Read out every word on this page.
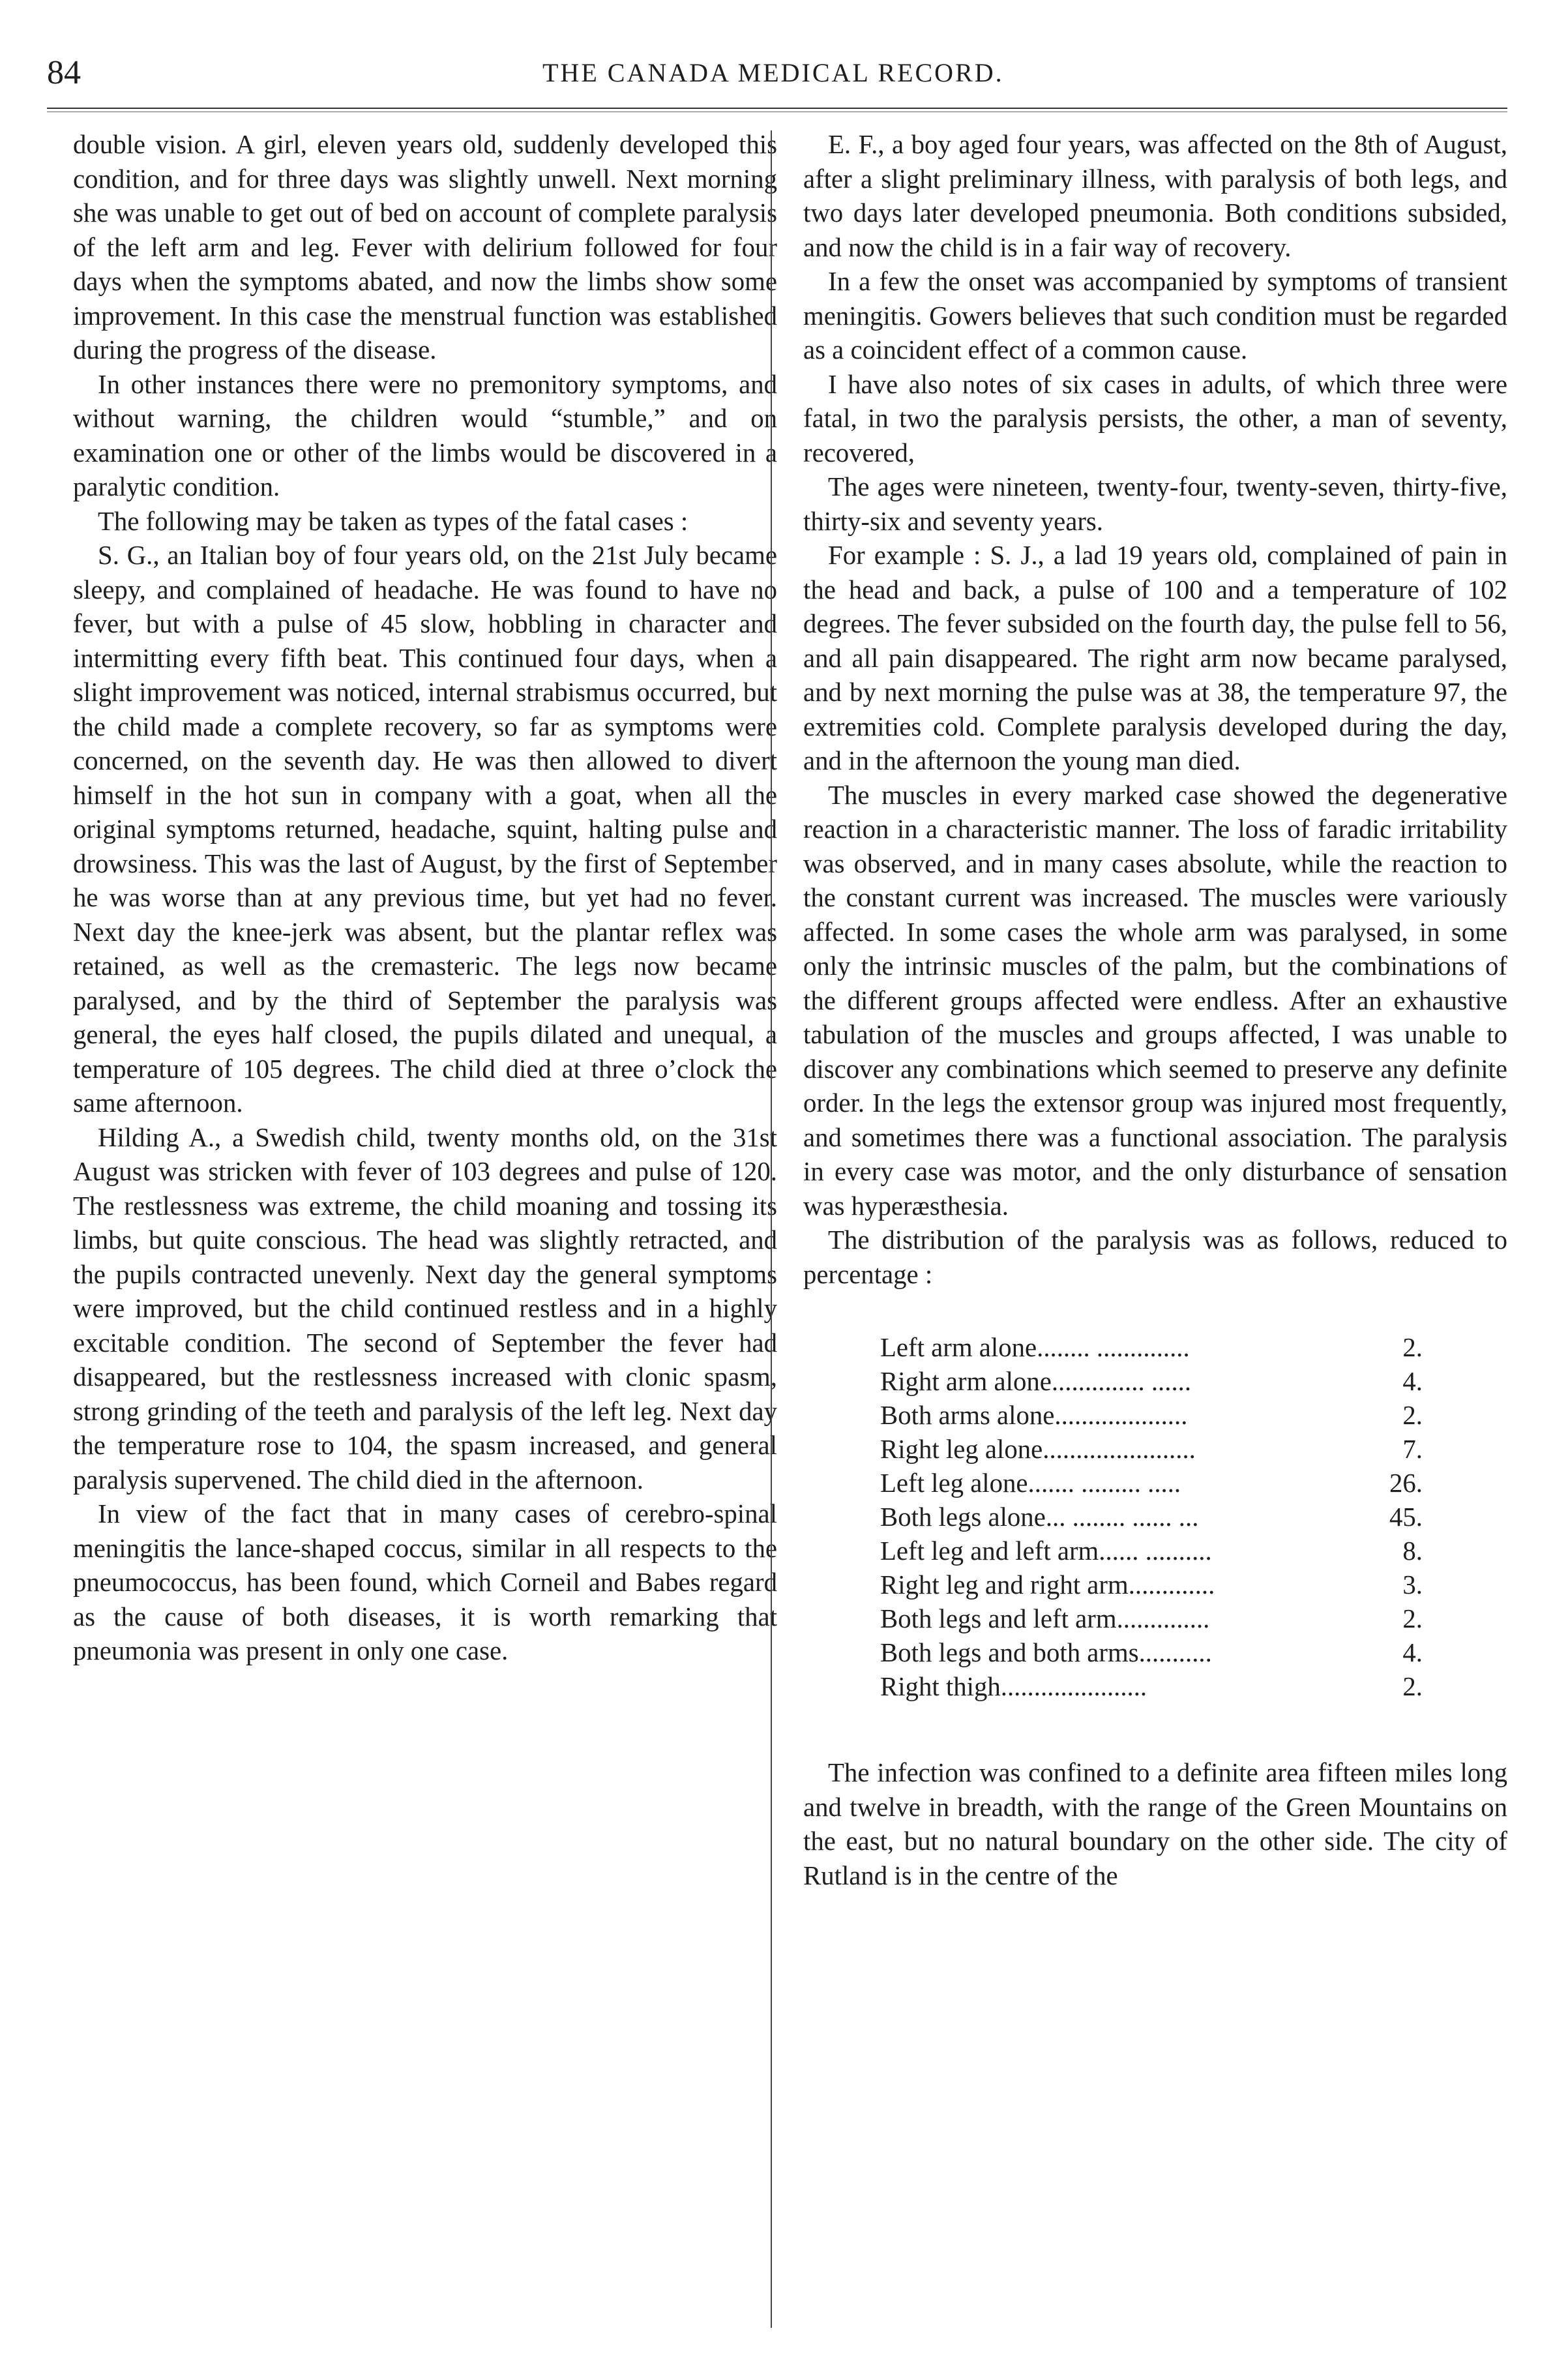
84	THE CANADA MEDICAL RECORD.

double vision. A girl, eleven years old, suddenly developed this condition, and for three days was slightly unwell. Next morning she was unable to get out of bed on account of complete paralysis of the left arm and leg. Fever with delirium followed for four days when the symptoms abated, and now the limbs show some improvement. In this case the menstrual function was established during the progress of the disease.

In other instances there were no premonitory symptoms, and without warning, the children would “stumble,” and on examination one or other of the limbs would be discovered in a paralytic condition.

The following may be taken as types of the fatal cases :

S. G., an Italian boy of four years old, on the 21st July became sleepy, and complained of headache. He was found to have no fever, but with a pulse of 45 slow, hobbling in character and intermitting every fifth beat. This continued four days, when a slight improvement was noticed, internal strabismus occurred, but the child made a complete recovery, so far as symptoms were concerned, on the seventh day. He was then allowed to divert himself in the hot sun in company with a goat, when all the original symptoms returned, headache, squint, halting pulse and drowsiness. This was the last of August, by the first of September he was worse than at any previous time, but yet had no fever. Next day the knee-jerk was absent, but the plantar reflex was retained, as well as the cremasteric. The legs now became paralysed, and by the third of September the paralysis was general, the eyes half closed, the pupils dilated and unequal, a temperature of 105 degrees. The child died at three o’clock the same afternoon.

Hilding A., a Swedish child, twenty months old, on the 31st August was stricken with fever of 103 degrees and pulse of 120. The restlessness was extreme, the child moaning and tossing its limbs, but quite conscious. The head was slightly retracted, and the pupils contracted unevenly. Next day the general symptoms were improved, but the child continued restless and in a highly excitable condition. The second of September the fever had disappeared, but the restlessness increased with clonic spasm, strong grinding of the teeth and paralysis of the left leg. Next day the temperature rose to 104, the spasm increased, and general paralysis supervened. The child died in the afternoon.

In view of the fact that in many cases of cerebro-spinal meningitis the lance-shaped coccus, similar in all respects to the pneumococcus, has been found, which Corneil and Babes regard as the cause of both diseases, it is worth remarking that pneumonia was present in only one case.

E. F., a boy aged four years, was affected on the 8th of August, after a slight preliminary illness, with paralysis of both legs, and two days later developed pneumonia. Both conditions subsided, and now the child is in a fair way of recovery.

In a few the onset was accompanied by symptoms of transient meningitis. Gowers believes that such condition must be regarded as a coincident effect of a common cause.

I have also notes of six cases in adults, of which three were fatal, in two the paralysis persists, the other, a man of seventy, recovered,

The ages were nineteen, twenty-four, twenty-seven, thirty-five, thirty-six and seventy years.

For example : S. J., a lad 19 years old, complained of pain in the head and back, a pulse of 100 and a temperature of 102 degrees. The fever subsided on the fourth day, the pulse fell to 56, and all pain disappeared. The right arm now became paralysed, and by next morning the pulse was at 38, the temperature 97, the extremities cold. Complete paralysis developed during the day, and in the afternoon the young man died.

The muscles in every marked case showed the degenerative reaction in a characteristic manner. The loss of faradic irritability was observed, and in many cases absolute, while the reaction to the constant current was increased. The muscles were variously affected. In some cases the whole arm was paralysed, in some only the intrinsic muscles of the palm, but the combinations of the different groups affected were endless. After an exhaustive tabulation of the muscles and groups affected, I was unable to discover any combinations which seemed to preserve any definite order. In the legs the extensor group was injured most frequently, and sometimes there was a functional association. The paralysis in every case was motor, and the only disturbance of sensation was hyperæsthesia.

The distribution of the paralysis was as follows, reduced to percentage :

Left arm alone........ ..............	2.
Right arm alone.............. ......	4.
Both arms alone....................	2.
Right leg alone.......................	7.
Left leg alone....... ......... .....	26.
Both legs alone... ........ ...... ...	45.
Left leg and left arm...... ..........	8.
Right leg and right arm.............	3.
Both legs and left arm..............	2.
Both legs and both arms...........	4.
Right thigh......................	2.

The infection was confined to a definite area fifteen miles long and twelve in breadth, with the range of the Green Mountains on the east, but no natural boundary on the other side. The city of Rutland is in the centre of the
